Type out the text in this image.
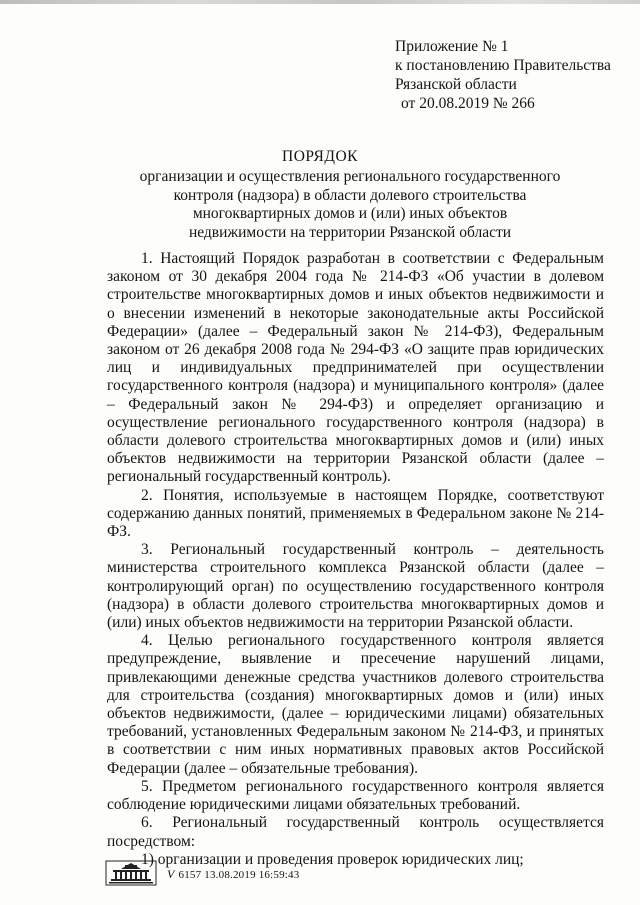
Приложение № 1
к постановлению Правительства
Рязанской области
от 20.08.2019 № 266
ПОРЯДОК
организации и осуществления регионального государственного
контроля (надзора) в области долевого строительства
многоквартирных домов и (или) иных объектов
недвижимости на территории Рязанской области

1. Настоящий Порядок разработан в соответствии с Федеральным законом от 30 декабря 2004 года № 214-ФЗ «Об участии в долевом строительстве многоквартирных домов и иных объектов недвижимости и о внесении изменений в некоторые законодательные акты Российской Федерации» (далее – Федеральный закон № 214-ФЗ), Федеральным законом от 26 декабря 2008 года № 294-ФЗ «О защите прав юридических лиц и индивидуальных предпринимателей при осуществлении государственного контроля (надзора) и муниципального контроля» (далее – Федеральный закон № 294-ФЗ) и определяет организацию и осуществление регионального государственного контроля (надзора) в области долевого строительства многоквартирных домов и (или) иных объектов недвижимости на территории Рязанской области (далее – региональный государственный контроль).

2. Понятия, используемые в настоящем Порядке, соответствуют содержанию данных понятий, применяемых в Федеральном законе № 214-ФЗ.

3. Региональный государственный контроль – деятельность министерства строительного комплекса Рязанской области (далее – контролирующий орган) по осуществлению государственного контроля (надзора) в области долевого строительства многоквартирных домов и (или) иных объектов недвижимости на территории Рязанской области.

4. Целью регионального государственного контроля является предупреждение, выявление и пресечение нарушений лицами, привлекающими денежные средства участников долевого строительства для строительства (создания) многоквартирных домов и (или) иных объектов недвижимости, (далее – юридическими лицами) обязательных требований, установленных Федеральным законом № 214-ФЗ, и принятых в соответствии с ним иных нормативных правовых актов Российской Федерации (далее – обязательные требования).

5. Предметом регионального государственного контроля является соблюдение юридическими лицами обязательных требований.

6. Региональный государственный контроль осуществляется посредством:

1) организации и проведения проверок юридических лиц;

V 6157 13.08.2019 16:59:43
